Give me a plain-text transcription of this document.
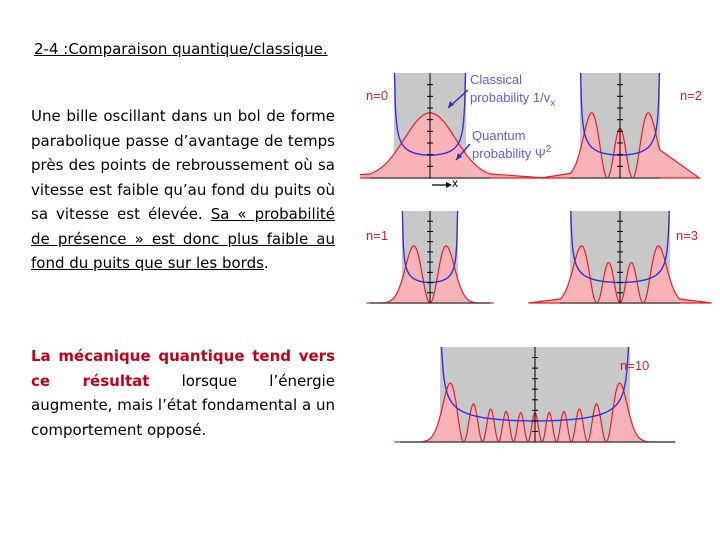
2-4 :Comparaison quantique/classique.

Une bille oscillant dans un bol de forme parabolique passe d’avantage de temps près des points de rebroussement où sa vitesse est faible qu’au fond du puits où sa vitesse est élevée. Sa « probabilité de présence » est donc plus faible au fond du puits que sur les bords.

La mécanique quantique tend vers ce résultat lorsque l’énergie augmente, mais l’état fondamental a un comportement opposé.

n=0	n=2
n=1	n=3
n=10
Classical
probability $1/v_x$
Quantum
probability $\Psi^2$
x
